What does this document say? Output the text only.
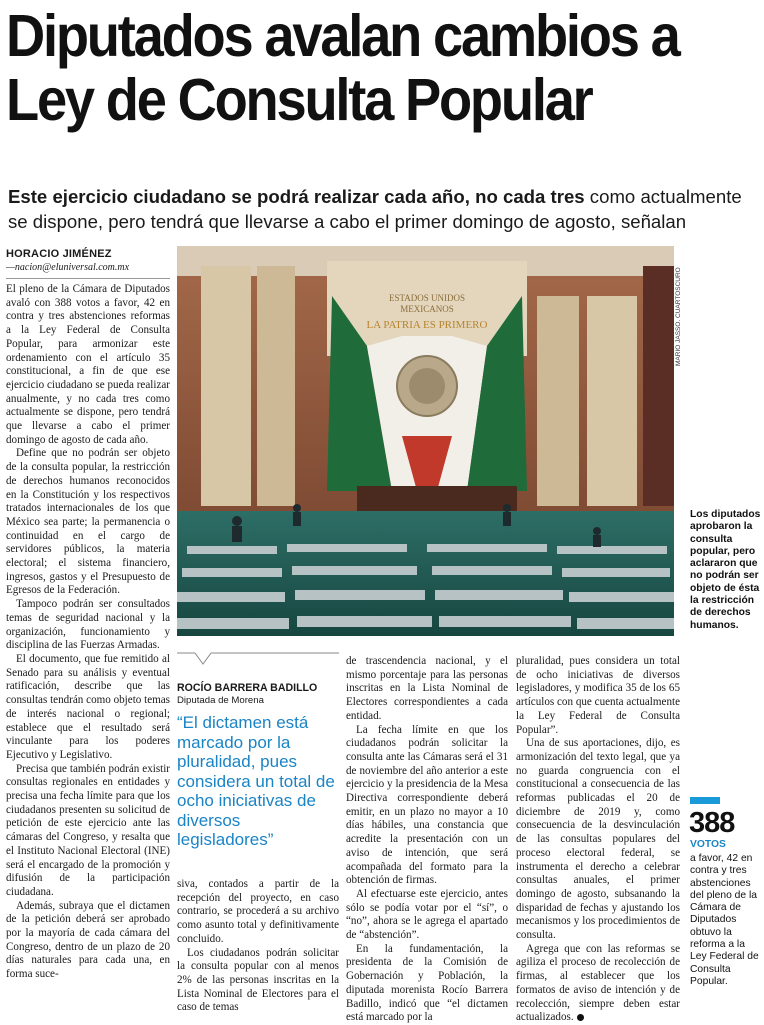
Diputados avalan cambios a Ley de Consulta Popular

Este ejercicio ciudadano se podrá realizar cada año, no cada tres como actualmente se dispone, pero tendrá que llevarse a cabo el primer domingo de agosto, señalan

HORACIO JIMÉNEZ
—nacion@eluniversal.com.mx

El pleno de la Cámara de Diputados avaló con 388 votos a favor, 42 en contra y tres abstenciones reformas a la Ley Federal de Consulta Popular, para armonizar este ordenamiento con el artículo 35 constitucional, a fin de que ese ejercicio ciudadano se pueda realizar anualmente, y no cada tres como actualmente se dispone, pero tendrá que llevarse a cabo el primer domingo de agosto de cada año.

Define que no podrán ser objeto de la consulta popular, la restricción de derechos humanos reconocidos en la Constitución y los respectivos tratados internacionales de los que México sea parte; la permanencia o continuidad en el cargo de servidores públicos, la materia electoral; el sistema financiero, ingresos, gastos y el Presupuesto de Egresos de la Federación.

Tampoco podrán ser consultados temas de seguridad nacional y la organización, funcionamiento y disciplina de las Fuerzas Armadas.

El documento, que fue remitido al Senado para su análisis y eventual ratificación, describe que las consultas tendrán como objeto temas de interés nacional o regional; establece que el resultado será vinculante para los poderes Ejecutivo y Legislativo.

Precisa que también podrán existir consultas regionales en entidades y precisa una fecha límite para que los ciudadanos presenten su solicitud de petición de este ejercicio ante las cámaras del Congreso, y resalta que el Instituto Nacional Electoral (INE) será el encargado de la promoción y difusión de la participación ciudadana.

Además, subraya que el dictamen de la petición deberá ser aprobado por la mayoría de cada cámara del Congreso, dentro de un plazo de 20 días naturales para cada una, en forma suce-

ESTADOS UNIDOS
MEXICANOS
LA PATRIA ES PRIMERO	MARIO JASSO. CUARTOSCURO
Los diputados aprobaron la consulta popular, pero aclararon que no podrán ser objeto de ésta la restricción de derechos humanos.
ROCÍO BARRERA BADILLO
Diputada de Morena
“El dictamen está marcado por la pluralidad, pues considera un total de ocho iniciativas de diversos legisladores”

siva, contados a partir de la recepción del proyecto, en caso contrario, se procederá a su archivo como asunto total y definitivamente concluido.

Los ciudadanos podrán solicitar la consulta popular con al menos 2% de las personas inscritas en la Lista Nominal de Electores para el caso de temas

de trascendencia nacional, y el mismo porcentaje para las personas inscritas en la Lista Nominal de Electores correspondientes a cada entidad.

La fecha límite en que los ciudadanos podrán solicitar la consulta ante las Cámaras será el 31 de noviembre del año anterior a este ejercicio y la presidencia de la Mesa Directiva correspondiente deberá emitir, en un plazo no mayor a 10 días hábiles, una constancia que acredite la presentación con un aviso de intención, que será acompañada del formato para la obtención de firmas.

Al efectuarse este ejercicio, antes sólo se podía votar por el “sí”, o “no”, ahora se le agrega el apartado de “abstención”.

En la fundamentación, la presidenta de la Comisión de Gobernación y Población, la diputada morenista Rocío Barrera Badillo, indicó que “el dictamen está marcado por la

pluralidad, pues considera un total de ocho iniciativas de diversos legisladores, y modifica 35 de los 65 artículos con que cuenta actualmente la Ley Federal de Consulta Popular”.

Una de sus aportaciones, dijo, es armonización del texto legal, que ya no guarda congruencia con el constitucional a consecuencia de las reformas publicadas el 20 de diciembre de 2019 y, como consecuencia de la desvinculación de las consultas populares del proceso electoral federal, se instrumenta el derecho a celebrar consultas anuales, el primer domingo de agosto, subsanando la disparidad de fechas y ajustando los mecanismos y los procedimientos de consulta.

Agrega que con las reformas se agiliza el proceso de recolección de firmas, al establecer que los formatos de aviso de intención y de recolección, siempre deben estar actualizados.

388
VOTOS
a favor, 42 en contra y tres abstenciones del pleno de la Cámara de Diputados obtuvo la reforma a la Ley Federal de Consulta Popular.
